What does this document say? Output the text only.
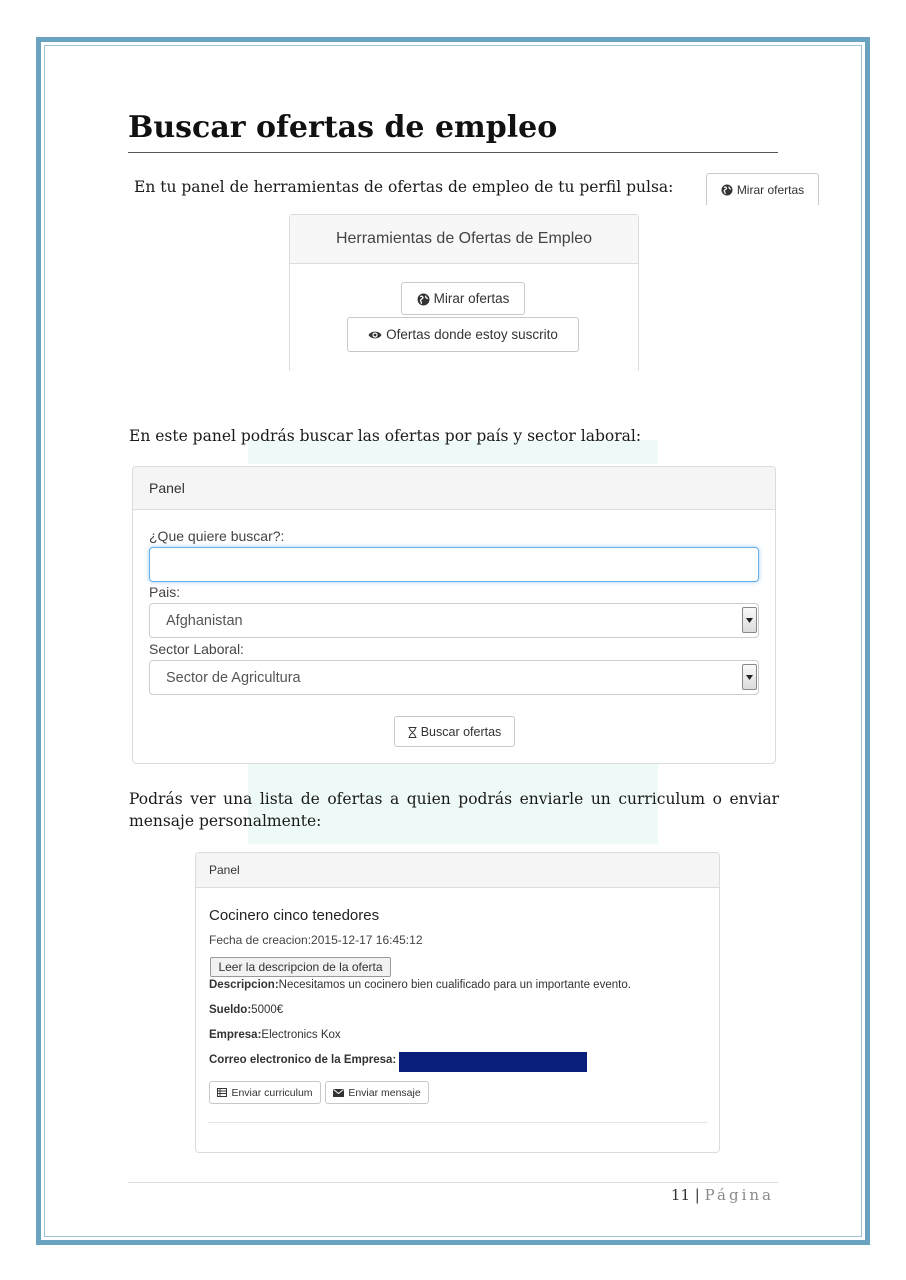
Buscar ofertas de empleo

En tu panel de herramientas de ofertas de empleo de tu perfil pulsa:	Mirar ofertas
Herramientas de Ofertas de Empleo
Mirar ofertas
Ofertas donde estoy suscrito

En este panel podrás buscar las ofertas por país y sector laboral:

Panel
¿Que quiere buscar?:
Pais:
Afghanistan
Sector Laboral:
Sector de Agricultura
Buscar ofertas

Podrás ver una lista de ofertas a quien podrás enviarle un curriculum o enviar mensaje personalmente:

Panel
Cocinero cinco tenedores
Fecha de creacion:2015-12-17 16:45:12
Leer la descripcion de la oferta
Descripcion:Necesitamos un cocinero bien cualificado para un importante evento.
Sueldo:5000€
Empresa:Electronics Kox
Correo electronico de la Empresa:
Enviar curriculum	Enviar mensaje
11 | Página
